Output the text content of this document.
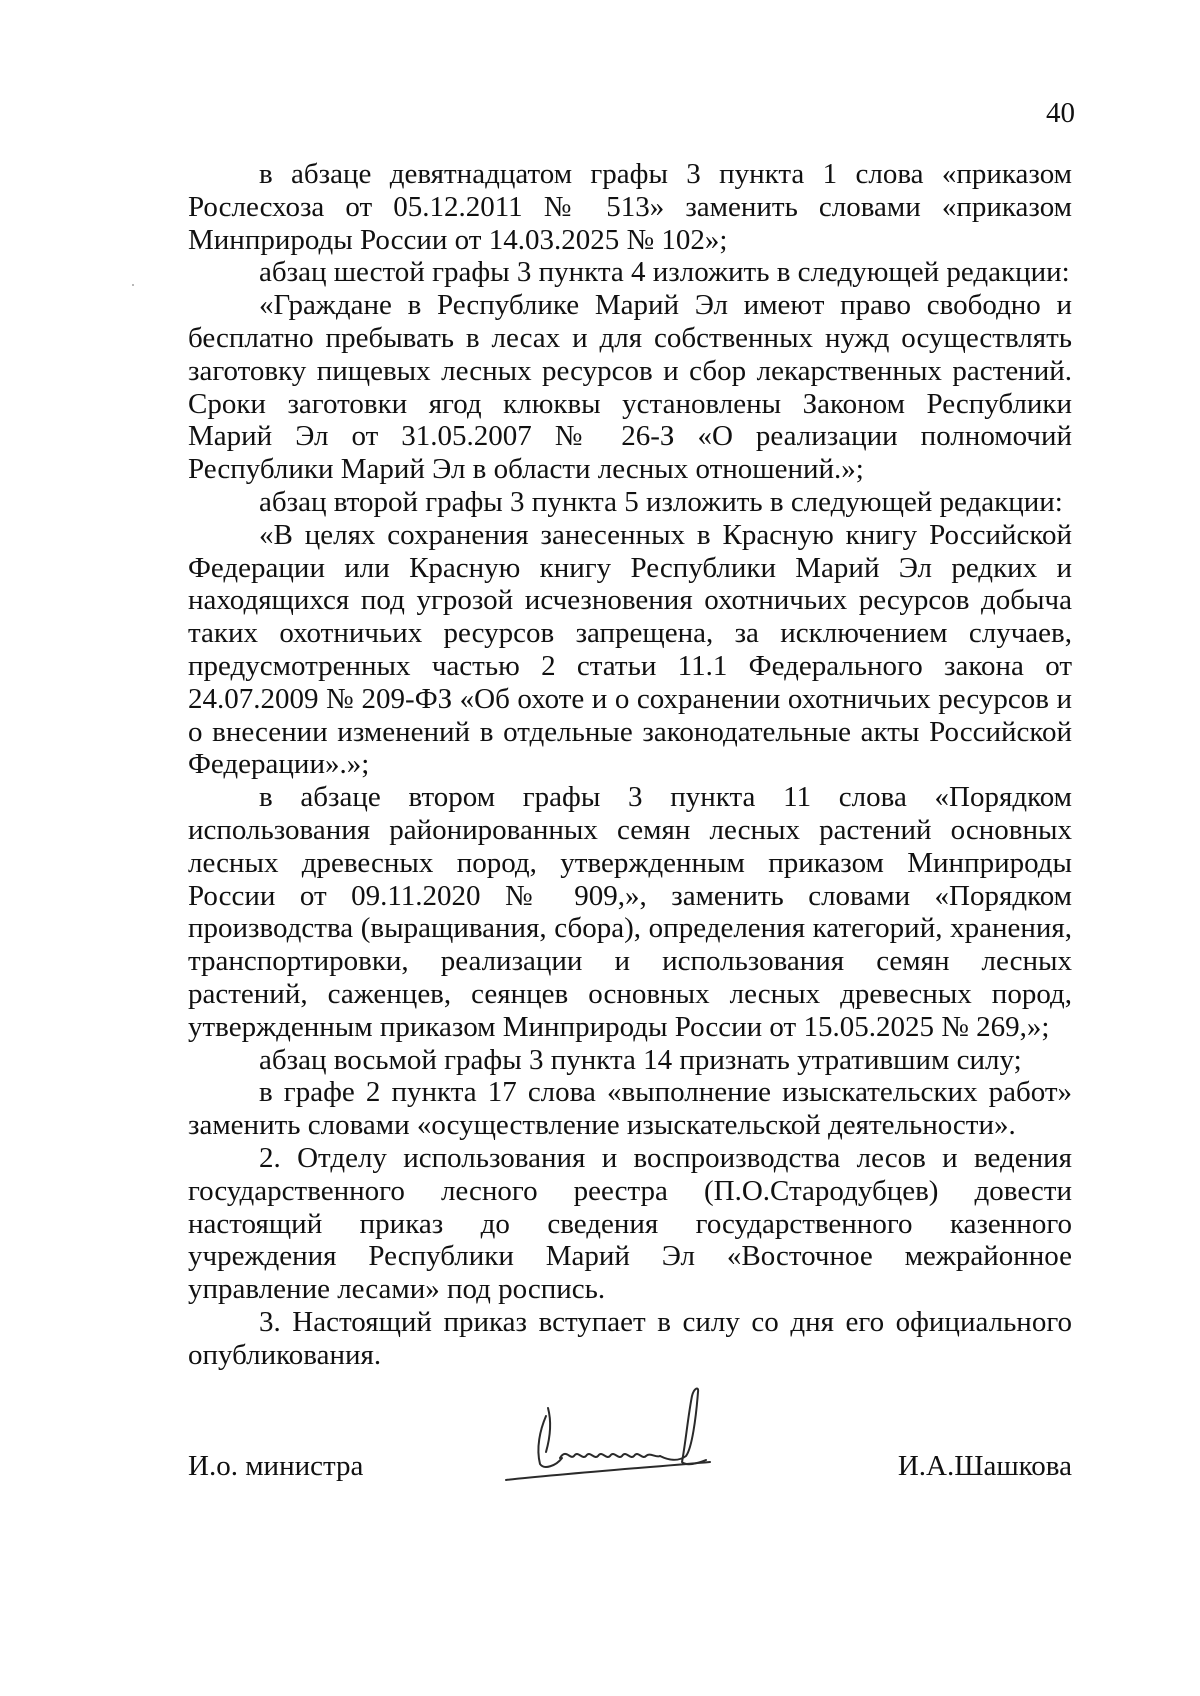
40

в абзаце девятнадцатом графы 3 пункта 1 слова «приказом Рослесхоза от 05.12.2011 № 513» заменить словами «приказом Минприроды России от 14.03.2025 № 102»;

абзац шестой графы 3 пункта 4 изложить в следующей редакции:

«Граждане в Республике Марий Эл имеют право свободно и бесплатно пребывать в лесах и для собственных нужд осуществлять заготовку пищевых лесных ресурсов и сбор лекарственных растений. Сроки заготовки ягод клюквы установлены Законом Республики Марий Эл от 31.05.2007 № 26-З «О реализации полномочий Республики Марий Эл в области лесных отношений.»;

абзац второй графы 3 пункта 5 изложить в следующей редакции:

«В целях сохранения занесенных в Красную книгу Российской Федерации или Красную книгу Республики Марий Эл редких и находящихся под угрозой исчезновения охотничьих ресурсов добыча таких охотничьих ресурсов запрещена, за исключением случаев, предусмотренных частью 2 статьи 11.1 Федерального закона от 24.07.2009 № 209-ФЗ «Об охоте и о сохранении охотничьих ресурсов и о внесении изменений в отдельные законодательные акты Российской Федерации».»;

в абзаце втором графы 3 пункта 11 слова «Порядком использования районированных семян лесных растений основных лесных древесных пород, утвержденным приказом Минприроды России от 09.11.2020 № 909,», заменить словами «Порядком производства (выращивания, сбора), определения категорий, хранения, транспортировки, реализации и использования семян лесных растений, саженцев, сеянцев основных лесных древесных пород, утвержденным приказом Минприроды России от 15.05.2025 № 269,»;

абзац восьмой графы 3 пункта 14 признать утратившим силу;

в графе 2 пункта 17 слова «выполнение изыскательских работ» заменить словами «осуществление изыскательской деятельности».

2. Отделу использования и воспроизводства лесов и ведения государственного лесного реестра (П.О.Стародубцев) довести настоящий приказ до сведения государственного казенного учреждения Республики Марий Эл «Восточное межрайонное управление лесами» под роспись.

3. Настоящий приказ вступает в силу со дня его официального опубликования.

И.о. министра	И.А.Шашкова
